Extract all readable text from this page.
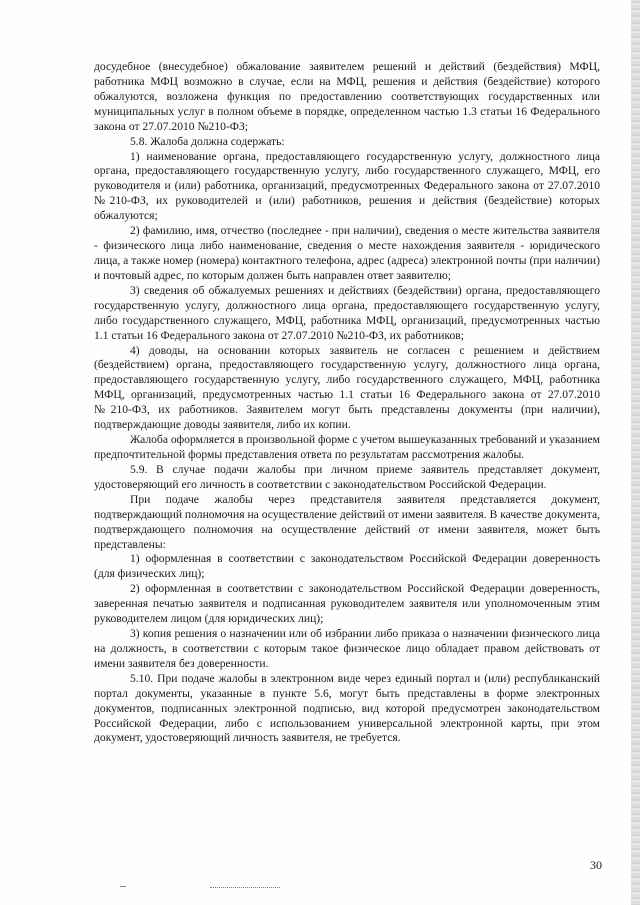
досудебное (внесудебное) обжалование заявителем решений и действий (бездействия) МФЦ, работника МФЦ возможно в случае, если на МФЦ, решения и действия (бездействие) которого обжалуются, возложена функция по предоставлению соответствующих государственных или муниципальных услуг в полном объеме в порядке, определенном частью 1.3 статьи 16 Федерального закона от 27.07.2010 №210-ФЗ;

5.8. Жалоба должна содержать:

1) наименование органа, предоставляющего государственную услугу, должностного лица органа, предоставляющего государственную услугу, либо государственного служащего, МФЦ, его руководителя и (или) работника, организаций, предусмотренных Федерального закона от 27.07.2010 №210-ФЗ, их руководителей и (или) работников, решения и действия (бездействие) которых обжалуются;

2) фамилию, имя, отчество (последнее - при наличии), сведения о месте жительства заявителя - физического лица либо наименование, сведения о месте нахождения заявителя - юридического лица, а также номер (номера) контактного телефона, адрес (адреса) электронной почты (при наличии) и почтовый адрес, по которым должен быть направлен ответ заявителю;

3) сведения об обжалуемых решениях и действиях (бездействии) органа, предоставляющего государственную услугу, должностного лица органа, предоставляющего государственную услугу, либо государственного служащего, МФЦ, работника МФЦ, организаций, предусмотренных частью 1.1 статьи 16 Федерального закона от 27.07.2010 №210-ФЗ, их работников;

4) доводы, на основании которых заявитель не согласен с решением и действием (бездействием) органа, предоставляющего государственную услугу, должностного лица органа, предоставляющего государственную услугу, либо государственного служащего, МФЦ, работника МФЦ, организаций, предусмотренных частью 1.1 статьи 16 Федерального закона от 27.07.2010 №210-ФЗ, их работников. Заявителем могут быть представлены документы (при наличии), подтверждающие доводы заявителя, либо их копии.

Жалоба оформляется в произвольной форме с учетом вышеуказанных требований и указанием предпочтительной формы представления ответа по результатам рассмотрения жалобы.

5.9. В случае подачи жалобы при личном приеме заявитель представляет документ, удостоверяющий его личность в соответствии с законодательством Российской Федерации.

При подаче жалобы через представителя заявителя представляется документ, подтверждающий полномочия на осуществление действий от имени заявителя. В качестве документа, подтверждающего полномочия на осуществление действий от имени заявителя, может быть представлены:

1) оформленная в соответствии с законодательством Российской Федерации доверенность (для физических лиц);

2) оформленная в соответствии с законодательством Российской Федерации доверенность, заверенная печатью заявителя и подписанная руководителем заявителя или уполномоченным этим руководителем лицом (для юридических лиц);

3) копия решения о назначении или об избрании либо приказа о назначении физического лица на должность, в соответствии с которым такое физическое лицо обладает правом действовать от имени заявителя без доверенности.

5.10. При подаче жалобы в электронном виде через единый портал и (или) республиканский портал документы, указанные в пункте 5.6, могут быть представлены в форме электронных документов, подписанных электронной подписью, вид которой предусмотрен законодательством Российской Федерации, либо с использованием универсальной электронной карты, при этом документ, удостоверяющий личность заявителя, не требуется.

30
